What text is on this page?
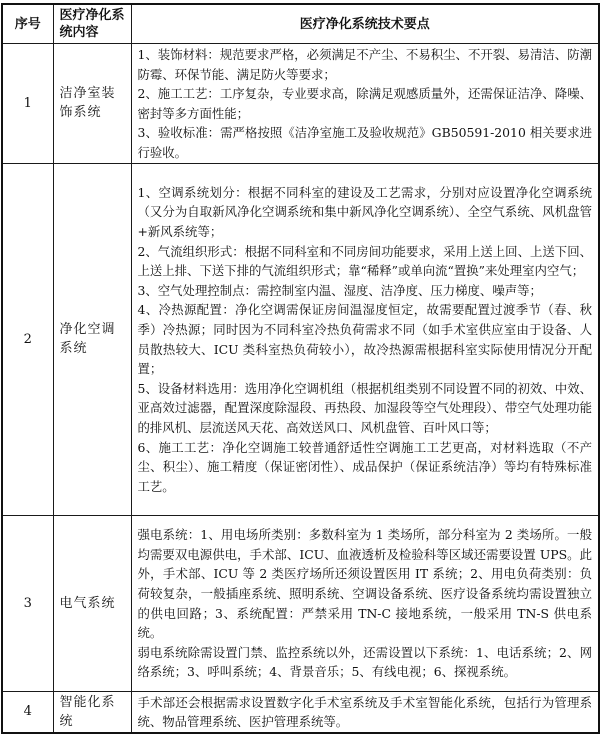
序号	医疗净化系统内容	医疗净化系统技术要点
1	洁净室装饰系统	1、装饰材料：规范要求严格，必须满足不产尘、不易积尘、不开裂、易清洁、防潮防霉、环保节能、满足防火等要求；
2、施工工艺：工序复杂，专业要求高，除满足观感质量外，还需保证洁净、降噪、密封等多方面性能；
3、验收标准：需严格按照《洁净室施工及验收规范》GB50591-2010 相关要求进行验收。

2	净化空调系统	
1、空调系统划分：根据不同科室的建设及工艺需求，分别对应设置净化空调系统（又分为自取新风净化空调系统和集中新风净化空调系统）、全空气系统、风机盘管+新风系统等；
2、气流组织形式：根据不同科室和不同房间功能要求，采用上送上回、上送下回、上送上排、下送下排的气流组织形式；靠“稀释”或单向流“置换”来处理室内空气；
3、空气处理控制点：需控制室内温、湿度、洁净度、压力梯度、噪声等；
4、冷热源配置：净化空调需保证房间温湿度恒定，故需要配置过渡季节（春、秋季）冷热源；同时因为不同科室冷热负荷需求不同（如手术室供应室由于设备、人员散热较大、ICU 类科室热负荷较小），故冷热源需根据科室实际使用情况分开配置；
5、设备材料选用：选用净化空调机组（根据机组类别不同设置不同的初效、中效、亚高效过滤器，配置深度除湿段、再热段、加湿段等空气处理段）、带空气处理功能的排风机、层流送风天花、高效送风口、风机盘管、百叶风口等；
6、施工工艺：净化空调施工较普通舒适性空调施工工艺更高，对材料选取（不产尘、积尘）、施工精度（保证密闭性）、成品保护（保证系统洁净）等均有特殊标准工艺。

3	电气系统	强电系统：1、用电场所类别：多数科室为 1 类场所，部分科室为 2 类场所。一般均需要双电源供电，手术部、ICU、血液透析及检验科等区域还需要设置 UPS。此外，手术部、ICU 等 2 类医疗场所还须设置医用 IT 系统；2、用电负荷类别：负荷较复杂，一般插座系统、照明系统、空调设备系统、医疗设备系统均需设置独立的供电回路；3、系统配置：严禁采用 TN-C 接地系统，一般采用 TN-S 供电系统。
弱电系统除需设置门禁、监控系统以外，还需设置以下系统：1、电话系统；2、网络系统；3、呼叫系统；4、背景音乐；5、有线电视；6、探视系统。

4	智能化系统	手术部还会根据需求设置数字化手术室系统及手术室智能化系统，包括行为管理系统、物品管理系统、医护管理系统等。
